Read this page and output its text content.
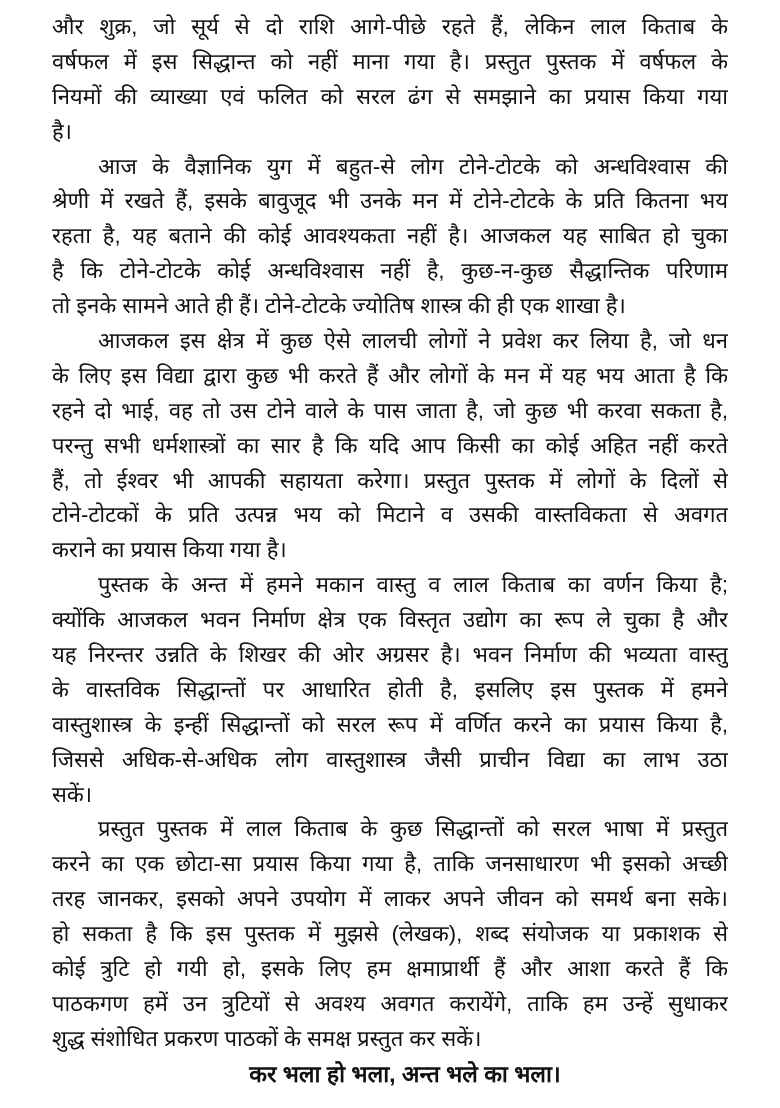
और शुक्र, जो सूर्य से दो राशि आगे-पीछे रहते हैं, लेकिन लाल किताब के
वर्षफल में इस सिद्धान्त को नहीं माना गया है। प्रस्तुत पुस्तक में वर्षफल के
नियमों की व्याख्या एवं फलित को सरल ढंग से समझाने का प्रयास किया गया
है।
आज के वैज्ञानिक युग में बहुत-से लोग टोने-टोटके को अन्धविश्वास की
श्रेणी में रखते हैं, इसके बावुजूद भी उनके मन में टोने-टोटके के प्रति कितना भय
रहता है, यह बताने की कोई आवश्यकता नहीं है। आजकल यह साबित हो चुका
है कि टोने-टोटके कोई अन्धविश्वास नहीं है, कुछ-न-कुछ सैद्धान्तिक परिणाम
तो इनके सामने आते ही हैं। टोने-टोटके ज्योतिष शास्त्र की ही एक शाखा है।
आजकल इस क्षेत्र में कुछ ऐसे लालची लोगों ने प्रवेश कर लिया है, जो धन
के लिए इस विद्या द्वारा कुछ भी करते हैं और लोगों के मन में यह भय आता है कि
रहने दो भाई, वह तो उस टोने वाले के पास जाता है, जो कुछ भी करवा सकता है,
परन्तु सभी धर्मशास्त्रों का सार है कि यदि आप किसी का कोई अहित नहीं करते
हैं, तो ईश्वर भी आपकी सहायता करेगा। प्रस्तुत पुस्तक में लोगों के दिलों से
टोने-टोटकों के प्रति उत्पन्न भय को मिटाने व उसकी वास्तविकता से अवगत
कराने का प्रयास किया गया है।
पुस्तक के अन्त में हमने मकान वास्तु व लाल किताब का वर्णन किया है;
क्योंकि आजकल भवन निर्माण क्षेत्र एक विस्तृत उद्योग का रूप ले चुका है और
यह निरन्तर उन्नति के शिखर की ओर अग्रसर है। भवन निर्माण की भव्यता वास्तु
के वास्तविक सिद्धान्तों पर आधारित होती है, इसलिए इस पुस्तक में हमने
वास्तुशास्त्र के इन्हीं सिद्धान्तों को सरल रूप में वर्णित करने का प्रयास किया है,
जिससे अधिक-से-अधिक लोग वास्तुशास्त्र जैसी प्राचीन विद्या का लाभ उठा
सकें।
प्रस्तुत पुस्तक में लाल किताब के कुछ सिद्धान्तों को सरल भाषा में प्रस्तुत
करने का एक छोटा-सा प्रयास किया गया है, ताकि जनसाधारण भी इसको अच्छी
तरह जानकर, इसको अपने उपयोग में लाकर अपने जीवन को समर्थ बना सके।
हो सकता है कि इस पुस्तक में मुझसे (लेखक), शब्द संयोजक या प्रकाशक से
कोई त्रुटि हो गयी हो, इसके लिए हम क्षमाप्रार्थी हैं और आशा करते हैं कि
पाठकगण हमें उन त्रुटियों से अवश्य अवगत करायेंगे, ताकि हम उन्हें सुधाकर
शुद्ध संशोधित प्रकरण पाठकों के समक्ष प्रस्तुत कर सकें।
कर भला हो भला, अन्त भले का भला।
